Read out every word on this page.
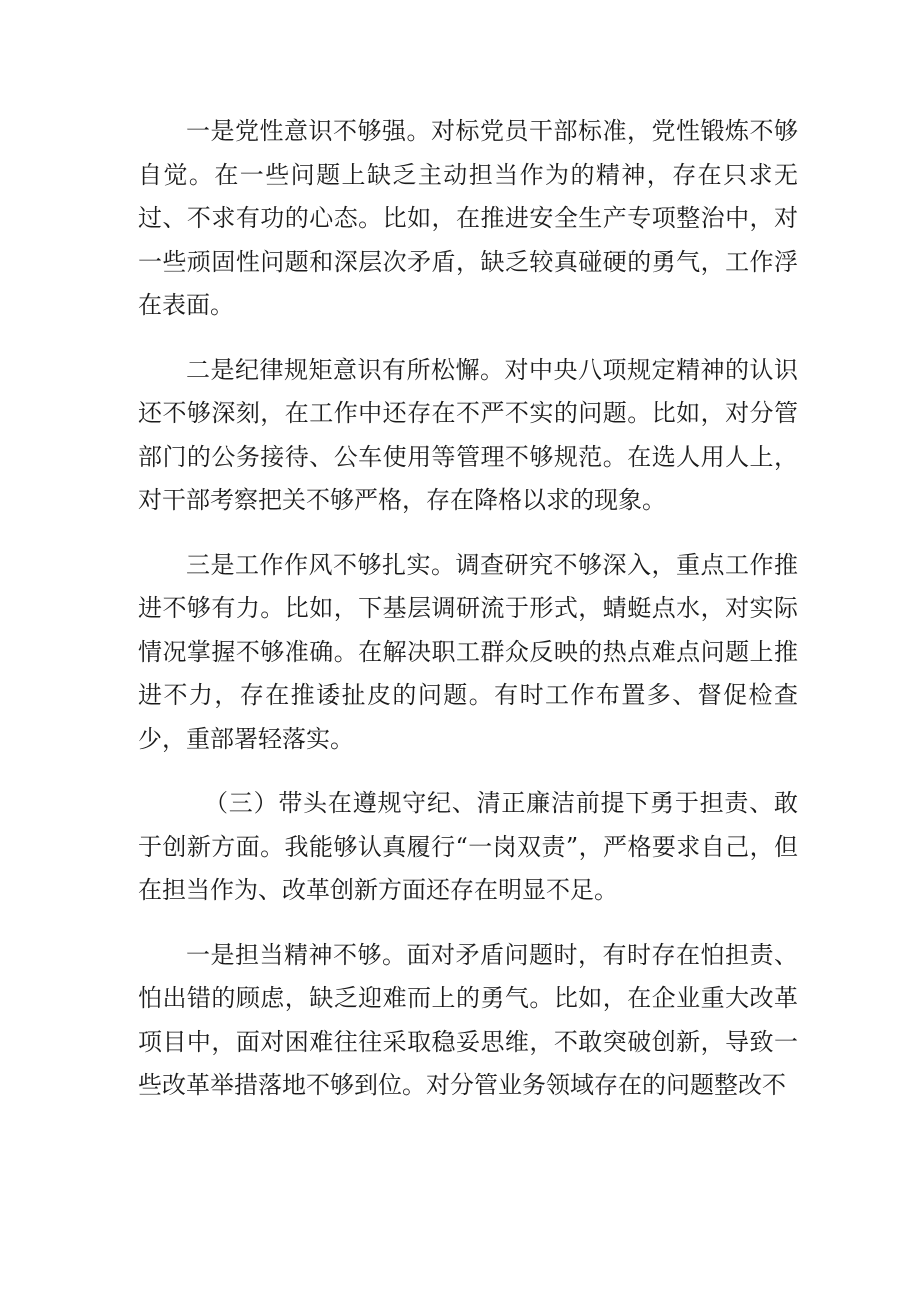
一是党性意识不够强。对标党员干部标准，党性锻炼不够自觉。在一些问题上缺乏主动担当作为的精神，存在只求无过、不求有功的心态。比如，在推进安全生产专项整治中，对一些顽固性问题和深层次矛盾，缺乏较真碰硬的勇气，工作浮在表面。

二是纪律规矩意识有所松懈。对中央八项规定精神的认识还不够深刻，在工作中还存在不严不实的问题。比如，对分管部门的公务接待、公车使用等管理不够规范。在选人用人上，对干部考察把关不够严格，存在降格以求的现象。

三是工作作风不够扎实。调查研究不够深入，重点工作推进不够有力。比如，下基层调研流于形式，蜻蜓点水，对实际情况掌握不够准确。在解决职工群众反映的热点难点问题上推进不力，存在推诿扯皮的问题。有时工作布置多、督促检查少，重部署轻落实。

（三）带头在遵规守纪、清正廉洁前提下勇于担责、敢于创新方面。我能够认真履行“一岗双责”，严格要求自己，但在担当作为、改革创新方面还存在明显不足。

一是担当精神不够。面对矛盾问题时，有时存在怕担责、怕出错的顾虑，缺乏迎难而上的勇气。比如，在企业重大改革项目中，面对困难往往采取稳妥思维，不敢突破创新，导致一些改革举措落地不够到位。对分管业务领域存在的问题整改不
